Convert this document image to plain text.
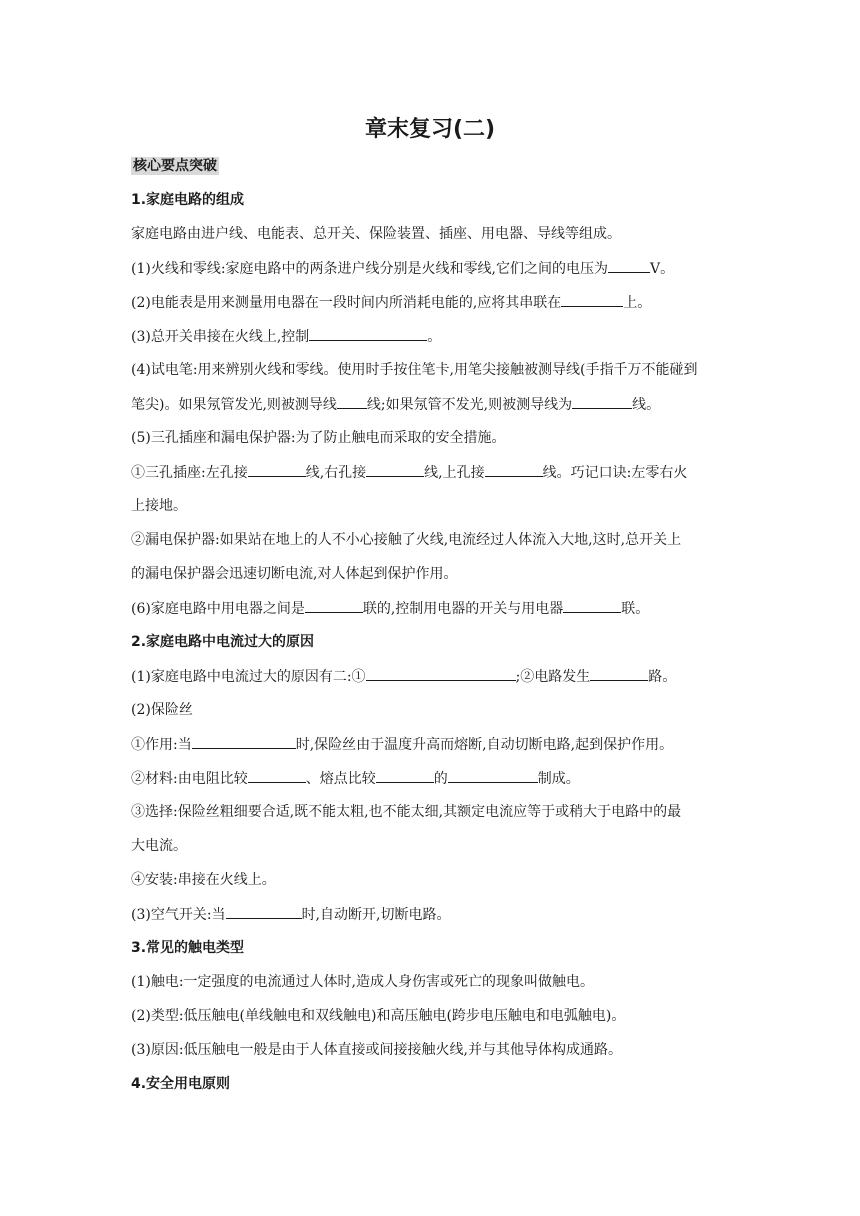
章末复习(二)
核心要点突破
1.家庭电路的组成
家庭电路由进户线、电能表、总开关、保险装置、插座、用电器、导线等组成。
(1)火线和零线:家庭电路中的两条进户线分别是火线和零线,它们之间的电压为	V。
(2)电能表是用来测量用电器在一段时间内所消耗电能的,应将其串联在	上。
(3)总开关串接在火线上,控制	。
(4)试电笔:用来辨别火线和零线。使用时手按住笔卡,用笔尖接触被测导线(手指千万不能碰到
笔尖)。如果氖管发光,则被测导线 线;如果氖管不发光,则被测导线为	线。
(5)三孔插座和漏电保护器:为了防止触电而采取的安全措施。
①三孔插座:左孔接	线,右孔接	线,上孔接	线。巧记口诀:左零右火
上接地。
②漏电保护器:如果站在地上的人不小心接触了火线,电流经过人体流入大地,这时,总开关上
的漏电保护器会迅速切断电流,对人体起到保护作用。
(6)家庭电路中用电器之间是	联的,控制用电器的开关与用电器	联。
2.家庭电路中电流过大的原因
(1)家庭电路中电流过大的原因有二:①	;②电路发生	路。
(2)保险丝
①作用:当	时,保险丝由于温度升高而熔断,自动切断电路,起到保护作用。
②材料:由电阻比较	、熔点比较	的	制成。
③选择:保险丝粗细要合适,既不能太粗,也不能太细,其额定电流应等于或稍大于电路中的最
大电流。
④安装:串接在火线上。
(3)空气开关:当	时,自动断开,切断电路。
3.常见的触电类型
(1)触电:一定强度的电流通过人体时,造成人身伤害或死亡的现象叫做触电。
(2)类型:低压触电(单线触电和双线触电)和高压触电(跨步电压触电和电弧触电)。
(3)原因:低压触电一般是由于人体直接或间接接触火线,并与其他导体构成通路。
4.安全用电原则
